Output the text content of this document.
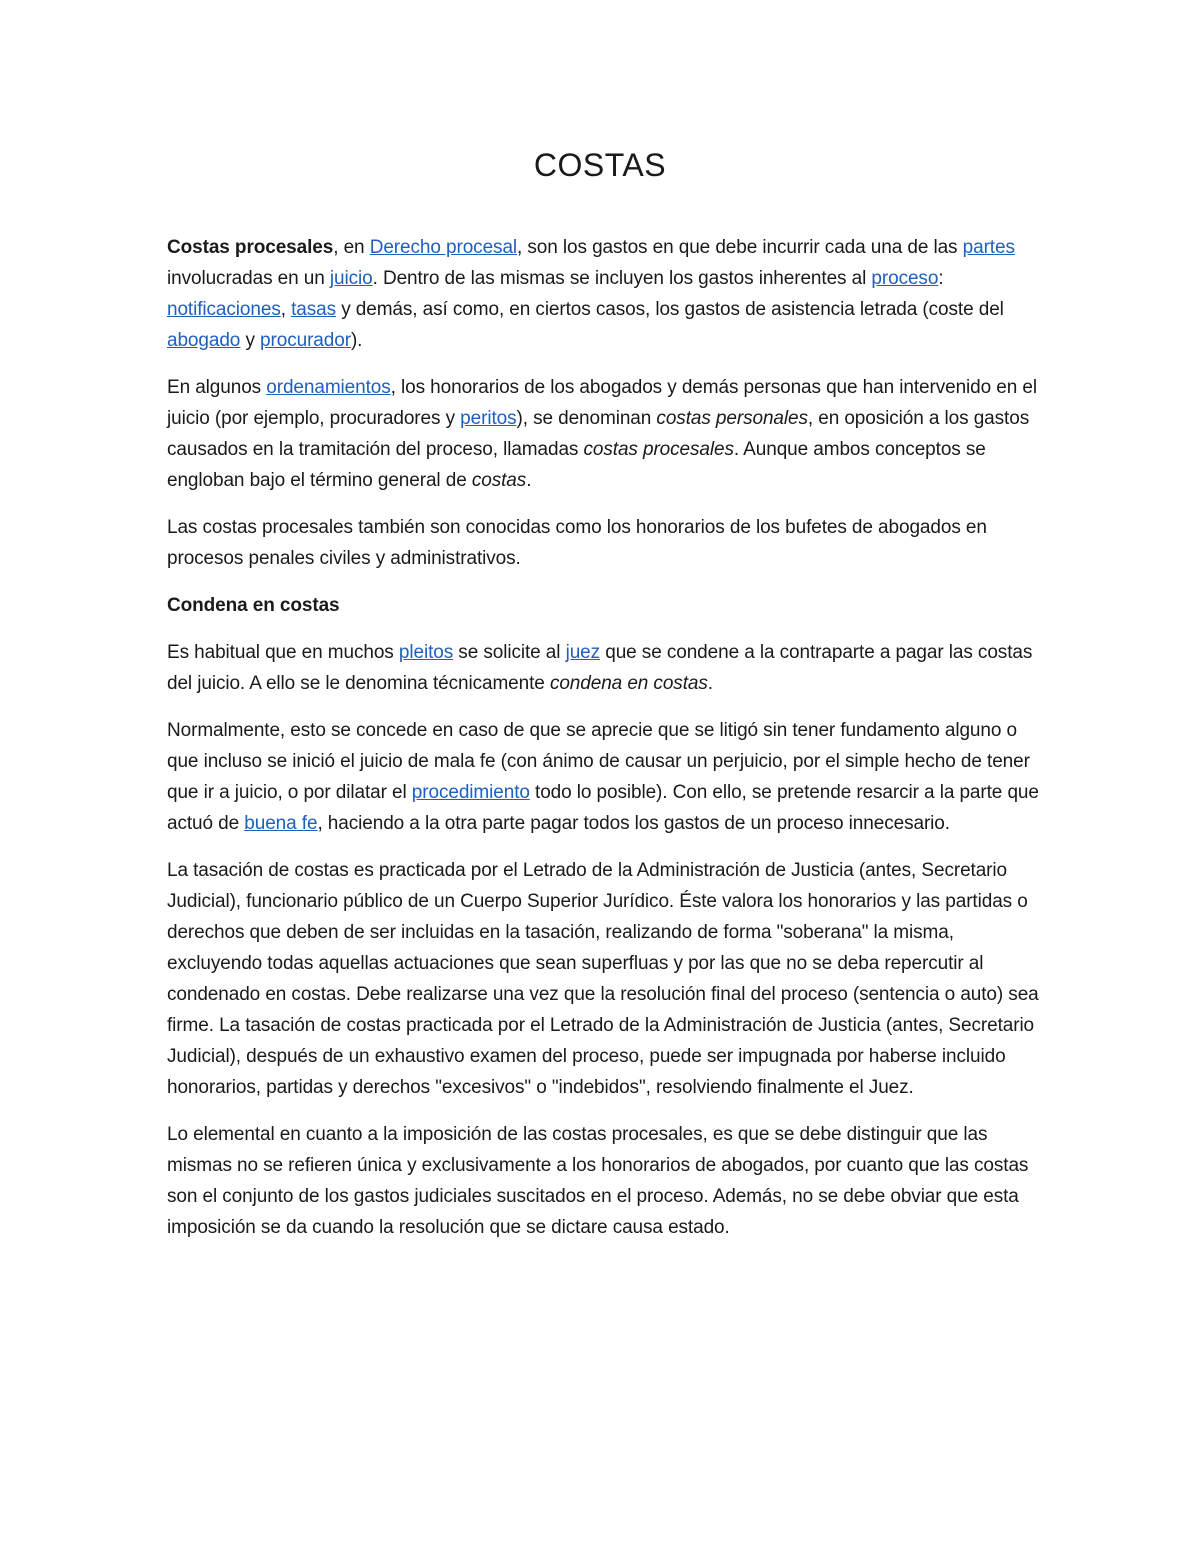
COSTAS

Costas procesales, en Derecho procesal, son los gastos en que debe incurrir cada una de las partes involucradas en un juicio. Dentro de las mismas se incluyen los gastos inherentes al proceso: notificaciones, tasas y demás, así como, en ciertos casos, los gastos de asistencia letrada (coste del abogado y procurador).

En algunos ordenamientos, los honorarios de los abogados y demás personas que han intervenido en el juicio (por ejemplo, procuradores y peritos), se denominan costas personales, en oposición a los gastos causados en la tramitación del proceso, llamadas costas procesales. Aunque ambos conceptos se engloban bajo el término general de costas.

Las costas procesales también son conocidas como los honorarios de los bufetes de abogados en procesos penales civiles y administrativos.

Condena en costas

Es habitual que en muchos pleitos se solicite al juez que se condene a la contraparte a pagar las costas del juicio. A ello se le denomina técnicamente condena en costas.

Normalmente, esto se concede en caso de que se aprecie que se litigó sin tener fundamento alguno o que incluso se inició el juicio de mala fe (con ánimo de causar un perjuicio, por el simple hecho de tener que ir a juicio, o por dilatar el procedimiento todo lo posible). Con ello, se pretende resarcir a la parte que actuó de buena fe, haciendo a la otra parte pagar todos los gastos de un proceso innecesario.

La tasación de costas es practicada por el Letrado de la Administración de Justicia (antes, Secretario Judicial), funcionario público de un Cuerpo Superior Jurídico. Éste valora los honorarios y las partidas o derechos que deben de ser incluidas en la tasación, realizando de forma "soberana" la misma, excluyendo todas aquellas actuaciones que sean superfluas y por las que no se deba repercutir al condenado en costas. Debe realizarse una vez que la resolución final del proceso (sentencia o auto) sea firme. La tasación de costas practicada por el Letrado de la Administración de Justicia (antes, Secretario Judicial), después de un exhaustivo examen del proceso, puede ser impugnada por haberse incluido honorarios, partidas y derechos "excesivos" o "indebidos", resolviendo finalmente el Juez.

Lo elemental en cuanto a la imposición de las costas procesales, es que se debe distinguir que las mismas no se refieren única y exclusivamente a los honorarios de abogados, por cuanto que las costas son el conjunto de los gastos judiciales suscitados en el proceso. Además, no se debe obviar que esta imposición se da cuando la resolución que se dictare causa estado.
